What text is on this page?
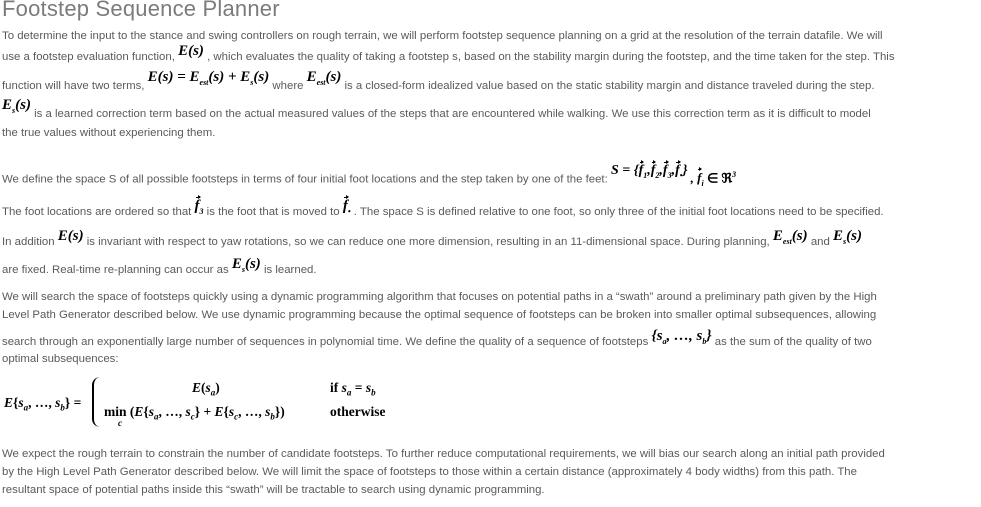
Footstep Sequence Planner
To determine the input to the stance and swing controllers on rough terrain, we will perform footstep sequence planning on a grid at the resolution of the terrain datafile. We will
use a footstep evaluation function, E(s) , which evaluates the quality of taking a footstep s, based on the stability margin during the footstep, and the time taken for the step. This
function will have two terms, $E(s) = E_{est}(s) + E_s(s)$ where $E_{est}(s)$ is a closed-form idealized value based on the static stability margin and distance traveled during the step.
$E_s(s)$ is a learned correction term based on the actual measured values of the steps that are encountered while walking. We use this correction term as it is difficult to model
the true values without experiencing them.
We define the space S of all possible footsteps in terms of four initial foot locations and the step taken by one of the feet: $S = \{f_1,f_2,f_3,f_•\}$ , $f_i$ ∈ ℜ$^3$
The foot locations are ordered so that $f_3$ is the foot that is moved to $f_•$ . The space S is defined relative to one foot, so only three of the initial foot locations need to be specified.
In addition E(s) is invariant with respect to yaw rotations, so we can reduce one more dimension, resulting in an 11-dimensional space. During planning, $E_{est}(s)$ and $E_s(s)$
are fixed. Real-time re-planning can occur as $E_s(s)$ is learned.
We will search the space of footsteps quickly using a dynamic programming algorithm that focuses on potential paths in a “swath” around a preliminary path given by the High
Level Path Generator described below. We use dynamic programming because the optimal sequence of footsteps can be broken into smaller optimal subsequences, allowing
search through an exponentially large number of sequences in polynomial time. We define the quality of a sequence of footsteps {$s_a$, …, $s_b$} as the sum of the quality of two
optimal subsequences:
$E\{s_a$, …, $s_b$} =
$E(s_a)$	if $s_a = s_b$
$\min (E\{s_a$, …, $s_c\} + E\{s_c$, …, $s_b$})
c
otherwise
We expect the rough terrain to constrain the number of candidate footsteps. To further reduce computational requirements, we will bias our search along an initial path provided
by the High Level Path Generator described below. We will limit the space of footsteps to those within a certain distance (approximately 4 body widths) from this path. The
resultant space of potential paths inside this “swath” will be tractable to search using dynamic programming.
